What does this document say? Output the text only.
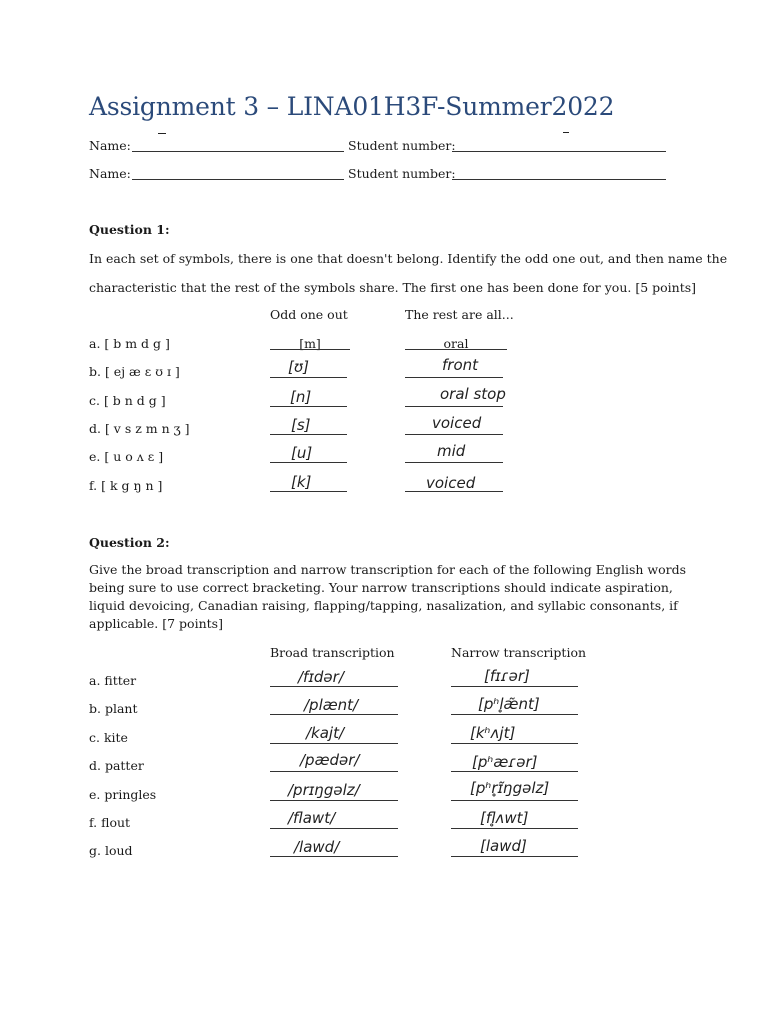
Assignment 3 – LINA01H3F-Summer2022
Name:	Student number:
Name:	Student number:
Question 1:
In each set of symbols, there is one that doesn't belong. Identify the odd one out, and then name the
characteristic that the rest of the symbols share. The first one has been done for you. [5 points]
Odd one out	The rest are all...
a. [ b m d g ]	[m]	oral
b. [ ej æ ɛ ʊ ɪ ]	[ʊ]	front
c. [ b n d g ]	[n]	oral stop
d. [ v s z m n ʒ ]	[s]	voiced
e. [ u o ʌ ɛ ]	[u]	mid
f. [ k g ŋ n ]	[k]	voiced
Question 2:
Give the broad transcription and narrow transcription for each of the following English words being sure to use correct bracketing. Your narrow transcriptions should indicate aspiration, liquid devoicing, Canadian raising, flapping/tapping, nasalization, and syllabic consonants, if applicable. [7 points]
Broad transcription	Narrow transcription
a. fitter	/fɪdər/	[fɪɾər]
b. plant	/plænt/	[pʰl̥æ̃nt]
c. kite	/kajt/	[kʰʌjt]
d. patter	/pædər/	[pʰæɾər]
e. pringles	/prɪŋgəlz/	[pʰr̥ɪ̃ŋgəlz]
f. flout	/flawt/	[fl̥ʌwt]
g. loud	/lawd/	[lawd]
